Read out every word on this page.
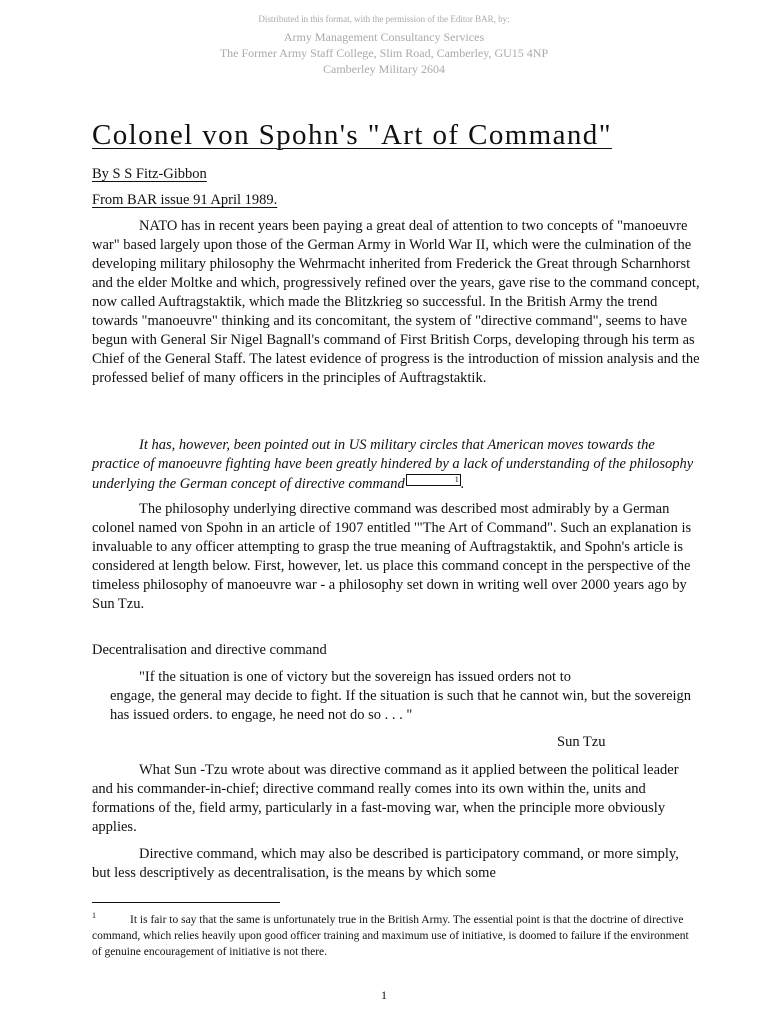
Distributed in this format, with the permission of the Editor BAR, by:
Army Management Consultancy Services
The Former Army Staff College, Slim Road, Camberley, GU15 4NP
Camberley Military 2604
Colonel von Spohn's "Art of Command"
By S S Fitz-Gibbon
From BAR issue 91 April 1989.

NATO has in recent years been paying a great deal of attention to two concepts of "manoeuvre war" based largely upon those of the German Army in World War II, which were the culmination of the developing military philosophy the Wehrmacht inherited from Frederick the Great through Scharnhorst and the elder Moltke and which, progressively refined over the years, gave rise to the command concept, now called Auftragstaktik, which made the Blitzkrieg so successful. In the British Army the trend towards "manoeuvre" thinking and its concomitant, the system of "directive command", seems to have begun with General Sir Nigel Bagnall's command of First British Corps, developing through his term as Chief of the General Staff. The latest evidence of progress is the introduction of mission analysis and the professed belief of many officers in the principles of Auftragstaktik.

It has, however, been pointed out in US military circles that American moves towards the practice of manoeuvre fighting have been greatly hindered by a lack of understanding of the philosophy underlying the German concept of directive command	1 .

The philosophy underlying directive command was described most admirably by a German colonel named von Spohn in an article of 1907 entitled '"The Art of Command". Such an explanation is invaluable to any officer attempting to grasp the true meaning of Auftragstaktik, and Spohn's article is considered at length below. First, however, let. us place this command concept in the perspective of the timeless philosophy of manoeuvre war - a philosophy set down in writing well over 2000 years ago by Sun Tzu.

Decentralisation and directive command
"If the situation is one of victory but the sovereign has issued orders not to

engage, the general may decide to fight. If the situation is such that he cannot win, but the sovereign has issued orders. to engage, he need not do so . . . "

Sun Tzu

What Sun -Tzu wrote about was directive command as it applied between the political leader and his commander-in-chief; directive command really comes into its own within the, units and formations of the, field army, particularly in a fast-moving war, when the principle more obviously applies.

Directive command, which may also be described is participatory command, or more simply, but less descriptively as decentralisation, is the means by which some

$^1$	It is fair to say that the same is unfortunately true in the British Army. The essential point is that the doctrine of directive command, which relies heavily upon good officer training and maximum use of initiative, is doomed to failure if the environment of genuine encouragement of initiative is not there.
1
